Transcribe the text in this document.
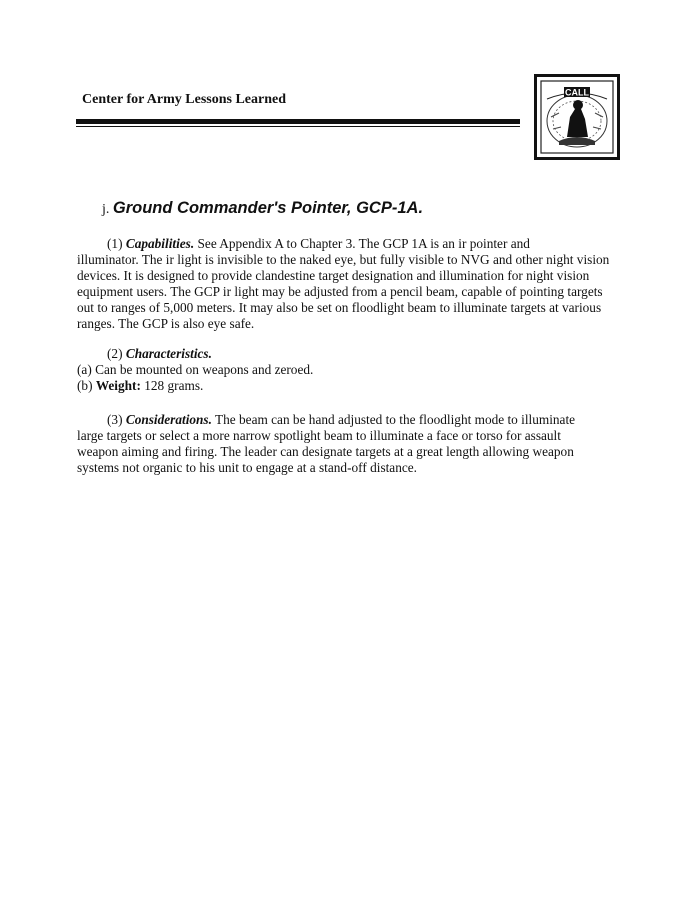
Center for Army Lessons Learned	CALL
j. Ground Commander's Pointer, GCP-1A.
(1) Capabilities. See Appendix A to Chapter 3. The GCP 1A is an ir pointer and
illuminator. The ir light is invisible to the naked eye, but fully visible to NVG and other night vision
devices. It is designed to provide clandestine target designation and illumination for night vision
equipment users. The GCP ir light may be adjusted from a pencil beam, capable of pointing targets
out to ranges of 5,000 meters. It may also be set on floodlight beam to illuminate targets at various
ranges. The GCP is also eye safe.
(2) Characteristics.
(a) Can be mounted on weapons and zeroed.
(b) Weight: 128 grams.
(3) Considerations. The beam can be hand adjusted to the floodlight mode to illuminate
large targets or select a more narrow spotlight beam to illuminate a face or torso for assault
weapon aiming and firing. The leader can designate targets at a great length allowing weapon
systems not organic to his unit to engage at a stand-off distance.
